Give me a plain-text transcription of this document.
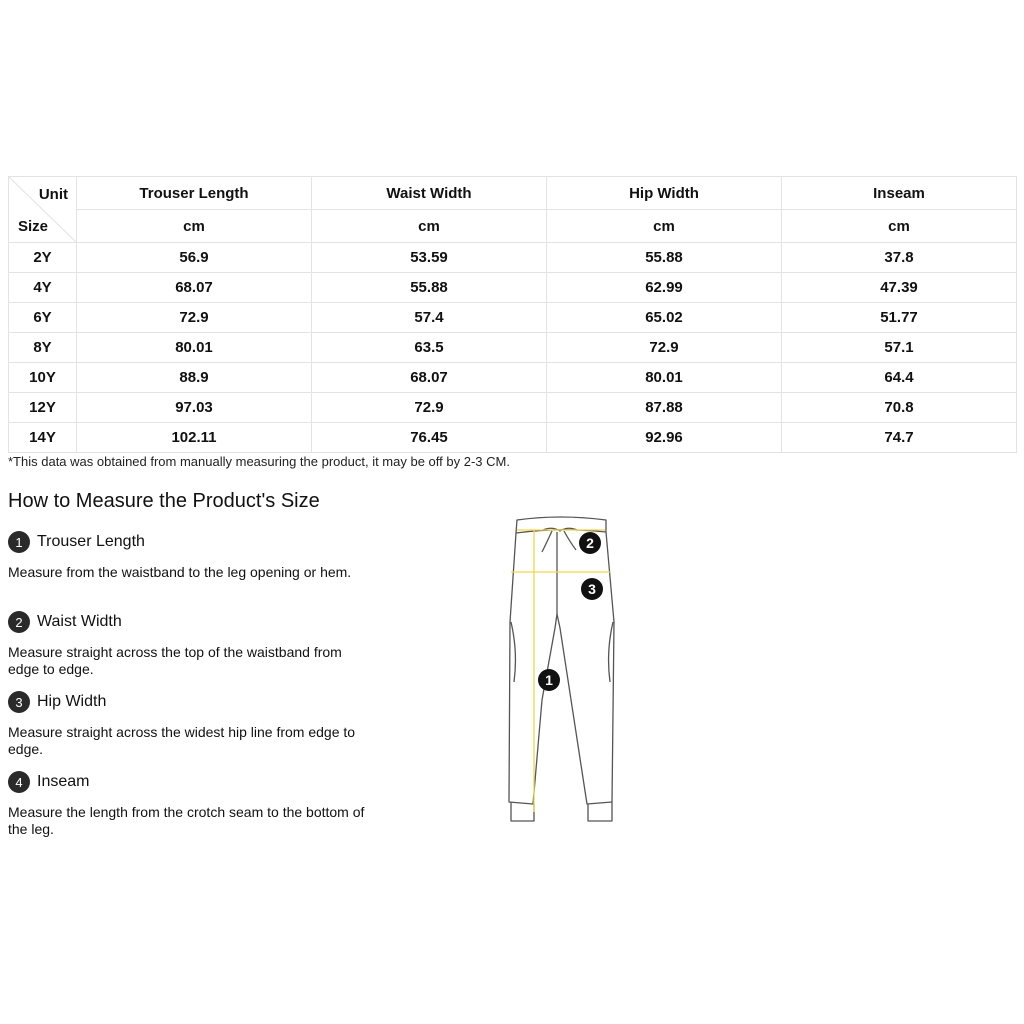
Unit
Size	Trouser Length	Waist Width	Hip Width	Inseam
	cm	cm	cm	cm
2Y	56.9	53.59	55.88	37.8
4Y	68.07	55.88	62.99	47.39
6Y	72.9	57.4	65.02	51.77
8Y	80.01	63.5	72.9	57.1
10Y	88.9	68.07	80.01	64.4
12Y	97.03	72.9	87.88	70.8
14Y	102.11	76.45	92.96	74.7
*This data was obtained from manually measuring the product, it may be off by 2-3 CM.
How to Measure the Product's Size
1 Trouser Length
Measure from the waistband to the leg opening or hem.
2 Waist Width
Measure straight across the top of the waistband from edge to edge.
3 Hip Width
Measure straight across the widest hip line from edge to edge.
4 Inseam
Measure the length from the crotch seam to the bottom of the leg.
2
3
1
